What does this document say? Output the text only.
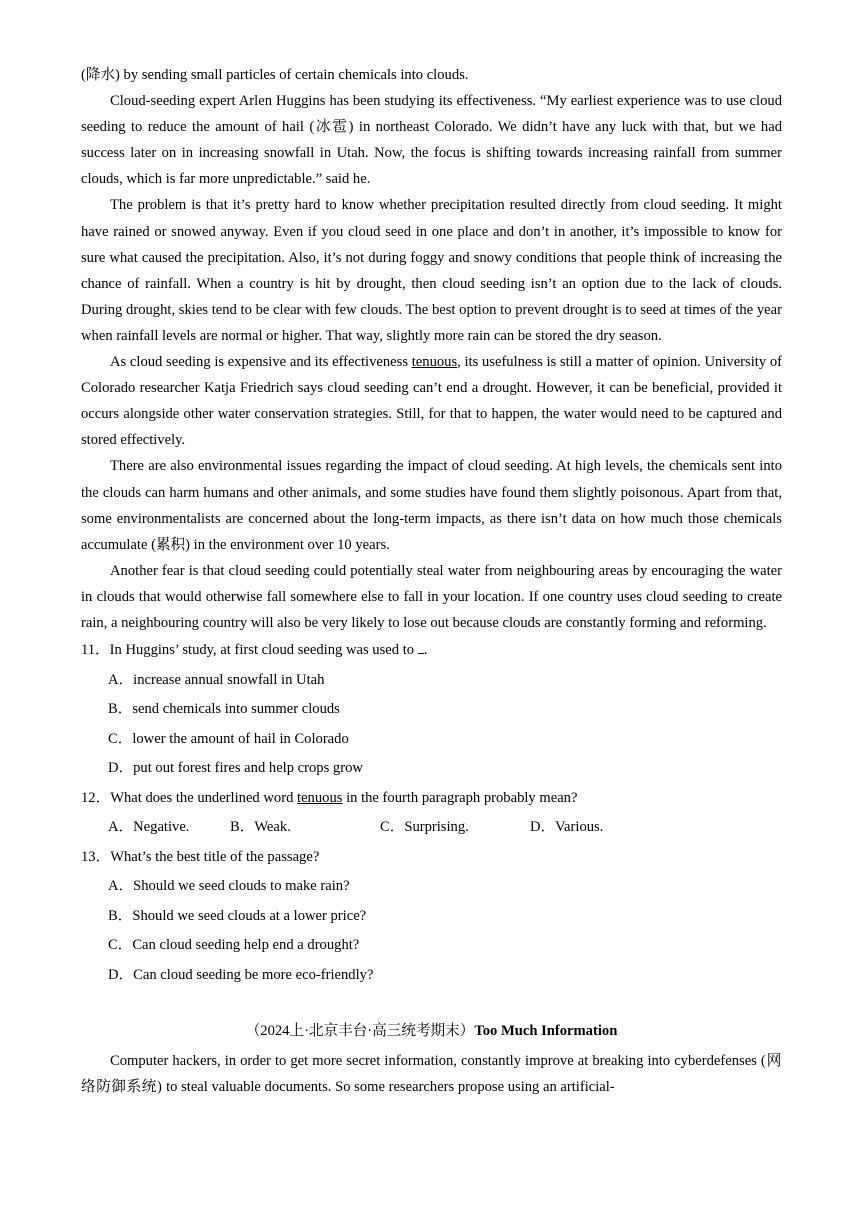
(降水) by sending small particles of certain chemicals into clouds.

Cloud-seeding expert Arlen Huggins has been studying its effectiveness. “My earliest experience was to use cloud seeding to reduce the amount of hail (冰雹) in northeast Colorado. We didn’t have any luck with that, but we had success later on in increasing snowfall in Utah. Now, the focus is shifting towards increasing rainfall from summer clouds, which is far more unpredictable.” said he.

The problem is that it’s pretty hard to know whether precipitation resulted directly from cloud seeding. It might have rained or snowed anyway. Even if you cloud seed in one place and don’t in another, it’s impossible to know for sure what caused the precipitation. Also, it’s not during foggy and snowy conditions that people think of increasing the chance of rainfall. When a country is hit by drought, then cloud seeding isn’t an option due to the lack of clouds. During drought, skies tend to be clear with few clouds. The best option to prevent drought is to seed at times of the year when rainfall levels are normal or higher. That way, slightly more rain can be stored the dry season.

As cloud seeding is expensive and its effectiveness tenuous, its usefulness is still a matter of opinion. University of Colorado researcher Katja Friedrich says cloud seeding can’t end a drought. However, it can be beneficial, provided it occurs alongside other water conservation strategies. Still, for that to happen, the water would need to be captured and stored effectively.

There are also environmental issues regarding the impact of cloud seeding. At high levels, the chemicals sent into the clouds can harm humans and other animals, and some studies have found them slightly poisonous. Apart from that, some environmentalists are concerned about the long-term impacts, as there isn’t data on how much those chemicals accumulate (累积) in the environment over 10 years.

Another fear is that cloud seeding could potentially steal water from neighbouring areas by encouraging the water in clouds that would otherwise fall somewhere else to fall in your location. If one country uses cloud seeding to create rain, a neighbouring country will also be very likely to lose out because clouds are constantly forming and reforming.

11．In Huggins’ study, at first cloud seeding was used to .

A．increase annual snowfall in Utah

B．send chemicals into summer clouds

C．lower the amount of hail in Colorado

D．put out forest fires and help crops grow

12．What does the underlined word tenuous in the fourth paragraph probably mean?

A．Negative.	B．Weak.	C．Surprising.	D．Various.

13．What’s the best title of the passage?

A．Should we seed clouds to make rain?

B．Should we seed clouds at a lower price?

C．Can cloud seeding help end a drought?

D．Can cloud seeding be more eco-friendly?

（2024上·北京丰台·高三统考期末）Too Much Information

Computer hackers, in order to get more secret information, constantly improve at breaking into cyberdefenses (网络防御系统) to steal valuable documents. So some researchers propose using an artificial-
